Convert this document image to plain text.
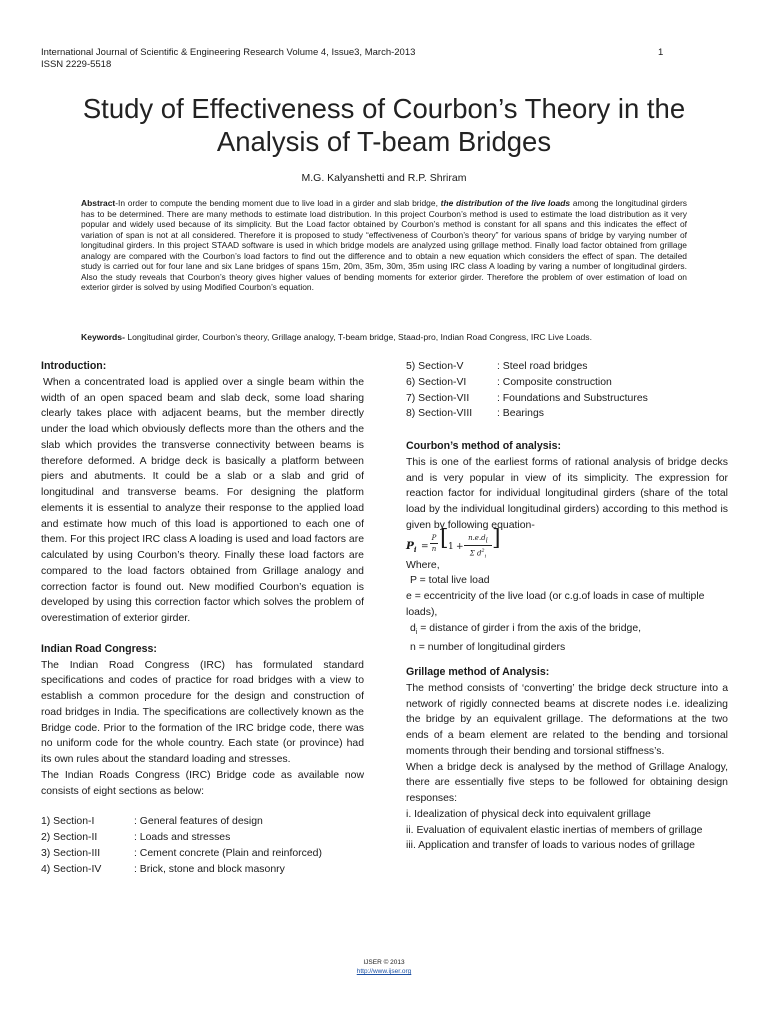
International Journal of Scientific & Engineering Research Volume 4, Issue3, March-2013
ISSN 2229-5518
1
Study of Effectiveness of Courbon’s Theory in the
Analysis of T-beam Bridges
M.G. Kalyanshetti and R.P. Shriram
Abstract-In order to compute the bending moment due to live load in a girder and slab bridge, the distribution of the live loads among the longitudinal girders has to be determined. There are many methods to estimate load distribution. In this project Courbon’s method is used to estimate the load distribution as it very popular and widely used because of its simplicity. But the Load factor obtained by Courbon’s method is constant for all spans and this indicates the effect of variation of span is not at all considered. Therefore it is proposed to study “effectiveness of Courbon’s theory” for various spans of bridge by varying number of longitudinal girders. In this project STAAD software is used in which bridge models are analyzed using grillage method. Finally load factor obtained from grillage analogy are compared with the Courbon’s load factors to find out the difference and to obtain a new equation which considers the effect of span. The detailed study is carried out for four lane and six Lane bridges of spans 15m, 20m, 35m, 30m, 35m using IRC class A loading by varing a number of longitudinal girders. Also the study reveals that Courbon’s theory gives higher values of bending moments for exterior girder. Therefore the problem of over estimation of load on exterior girder is solved by using Modified Courbon’s equation.
Keywords- Longitudinal girder, Courbon’s theory, Grillage analogy, T-beam bridge, Staad-pro, Indian Road Congress, IRC Live Loads.
Introduction:

When a concentrated load is applied over a single beam within the width of an open spaced beam and slab deck, some load sharing clearly takes place with adjacent beams, but the member directly under the load which obviously deflects more than the others and the slab which provides the transverse connectivity between beams is therefore deformed. A bridge deck is basically a platform between piers and abutments. It could be a slab or a slab and grid of longitudinal and transverse beams. For designing the platform elements it is essential to analyze their response to the applied load and estimate how much of this load is apportioned to each one of them. For this project IRC class A loading is used and load factors are calculated by using Courbon’s theory. Finally these load factors are compared to the load factors obtained from Grillage analogy and correction factor is found out. New modified Courbon’s equation is developed by using this correction factor which solves the problem of overestimation of exterior girder.

Indian Road Congress:

The Indian Road Congress (IRC) has formulated standard specifications and codes of practice for road bridges with a view to establish a common procedure for the design and construction of road bridges in India. The specifications are collectively known as the Bridge code. Prior to the formation of the IRC bridge code, there was no uniform code for the whole country. Each state (or province) had its own rules about the standard loading and stresses.

The Indian Roads Congress (IRC) Bridge code as available now consists of eight sections as below:

1) Section-I	: General features of design
2) Section-II	: Loads and stresses
3) Section-III	: Cement concrete (Plain and reinforced)
4) Section-IV	: Brick, stone and block masonry
5) Section-V	: Steel road bridges
6) Section-VI	: Composite construction
7) Section-VII	: Foundations and Substructures
8) Section-VIII	: Bearings
Courbon’s method of analysis:

This is one of the earliest forms of rational analysis of bridge decks and is very popular in view of its simplicity. The expression for reaction factor for individual longitudinal girders (share of the total load by the individual longitudinal girders) according to this method is given by following equation-

$P_i$ =
P
n [ 1 +
$n.e.d_i$
Σ $d^2_i$
]
Where,
P = total live load
e = eccentricity of the live load (or c.g.of loads in case of multiple loads),
$d_i$ = distance of girder i from the axis of the bridge,
n = number of longitudinal girders
Grillage method of Analysis:

The method consists of ‘converting’ the bridge deck structure into a network of rigidly connected beams at discrete nodes i.e. idealizing the bridge by an equivalent grillage. The deformations at the two ends of a beam element are related to the bending and torsional moments through their bending and torsional stiffness’s.

When a bridge deck is analysed by the method of Grillage Analogy, there are essentially five steps to be followed for obtaining design responses:

i. Idealization of physical deck into equivalent grillage
ii. Evaluation of equivalent elastic inertias of members of grillage
iii. Application and transfer of loads to various nodes of grillage
IJSER © 2013
http://www.ijser.org
